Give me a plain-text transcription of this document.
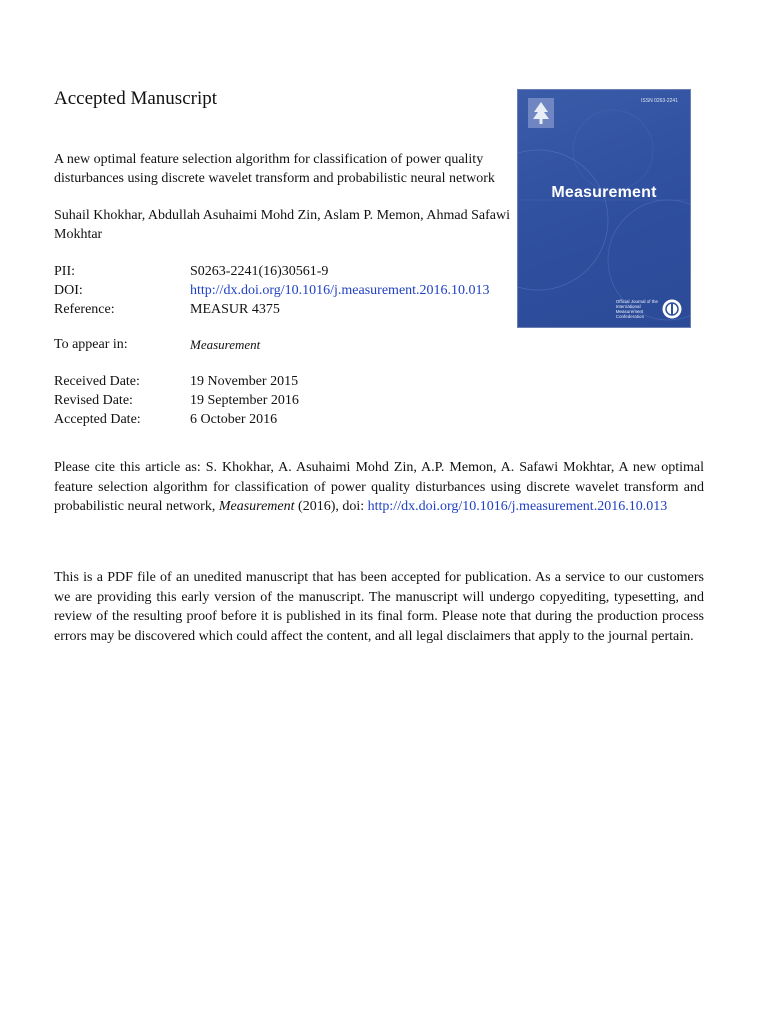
Accepted Manuscript
A new optimal feature selection algorithm for classification of power quality disturbances using discrete wavelet transform and probabilistic neural network
Suhail Khokhar, Abdullah Asuhaimi Mohd Zin, Aslam P. Memon, Ahmad Safawi Mokhtar
PII:	S0263-2241(16)30561-9
DOI:	http://dx.doi.org/10.1016/j.measurement.2016.10.013
Reference:	MEASUR 4375
To appear in:	Measurement
Received Date:	19 November 2015
Revised Date:	19 September 2016
Accepted Date:	6 October 2016
Please cite this article as: S. Khokhar, A. Asuhaimi Mohd Zin, A.P. Memon, A. Safawi Mokhtar, A new optimal feature selection algorithm for classification of power quality disturbances using discrete wavelet transform and probabilistic neural network, Measurement (2016), doi: http://dx.doi.org/10.1016/j.measurement.2016.10.013
This is a PDF file of an unedited manuscript that has been accepted for publication. As a service to our customers we are providing this early version of the manuscript. The manuscript will undergo copyediting, typesetting, and review of the resulting proof before it is published in its final form. Please note that during the production process errors may be discovered which could affect the content, and all legal disclaimers that apply to the journal pertain.
ISSN 0263-2241
Measurement
Official Journal of the
International
Measurement
Confederation
